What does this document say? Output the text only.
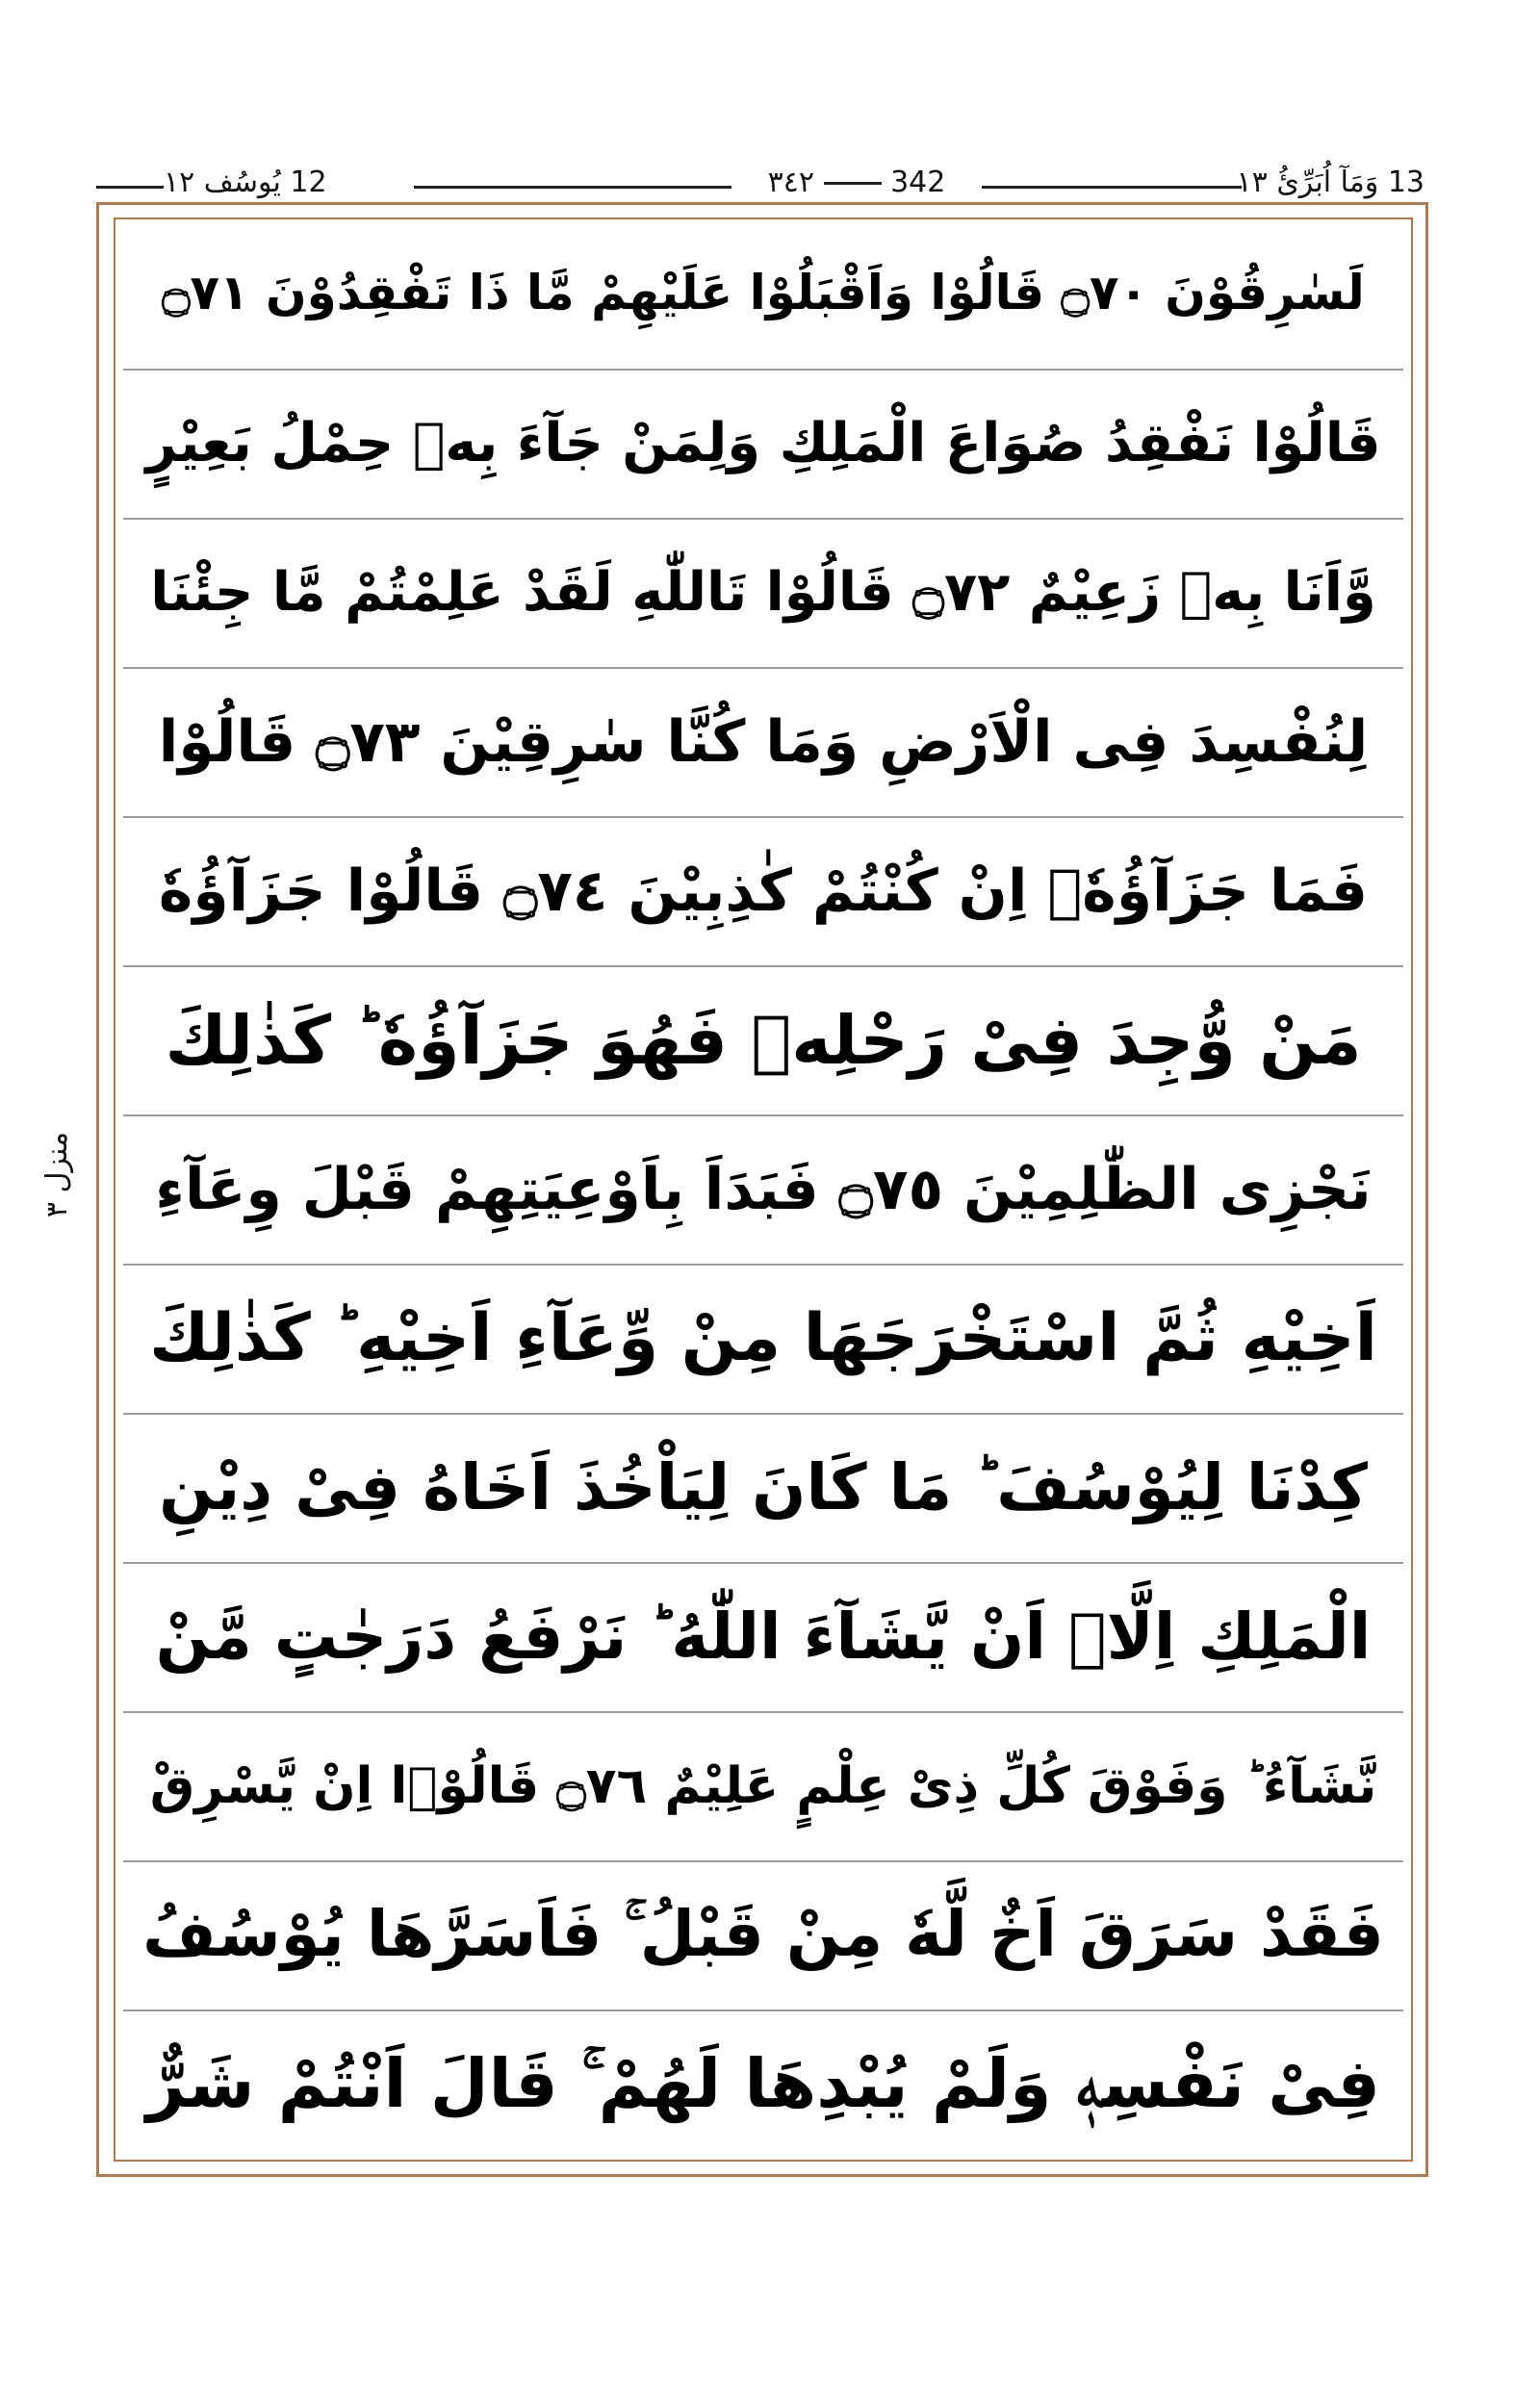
12 یُوسُف ١٢	٣٤٢	342	13 وَمَآ اُبَرِّئُ ١٣
منزل ٣
لَسٰرِقُوْنَ ۝٧٠ قَالُوْا وَاَقْبَلُوْا عَلَیْهِمْ مَّا ذَا تَفْقِدُوْنَ ۝٧١
قَالُوْا نَفْقِدُ صُوَاعَ الْمَلِكِ وَلِمَنْ جَآءَ بِهٖ حِمْلُ بَعِیْرٍ
وَّاَنَا بِهٖ زَعِیْمٌ ۝٧٢ قَالُوْا تَاللّٰهِ لَقَدْ عَلِمْتُمْ مَّا جِئْنَا
لِنُفْسِدَ فِی الْاَرْضِ وَمَا كُنَّا سٰرِقِیْنَ ۝٧٣ قَالُوْا
فَمَا جَزَآؤُهٗۤ اِنْ كُنْتُمْ كٰذِبِیْنَ ۝٧٤ قَالُوْا جَزَآؤُهٗ
مَنْ وُّجِدَ فِیْ رَحْلِهٖ فَهُوَ جَزَآؤُهٗ ؕ كَذٰلِكَ
نَجْزِی الظّٰلِمِیْنَ ۝٧٥ فَبَدَاَ بِاَوْعِیَتِهِمْ قَبْلَ وِعَآءِ
اَخِیْهِ ثُمَّ اسْتَخْرَجَهَا مِنْ وِّعَآءِ اَخِیْهِ ؕ كَذٰلِكَ
كِدْنَا لِیُوْسُفَ ؕ مَا كَانَ لِیَاْخُذَ اَخَاهُ فِیْ دِیْنِ
الْمَلِكِ اِلَّاۤ اَنْ یَّشَآءَ اللّٰهُ ؕ نَرْفَعُ دَرَجٰتٍ مَّنْ
نَّشَآءُ ؕ وَفَوْقَ كُلِّ ذِیْ عِلْمٍ عَلِیْمٌ ۝٧٦ قَالُوْۤا اِنْ یَّسْرِقْ
فَقَدْ سَرَقَ اَخٌ لَّهٗ مِنْ قَبْلُ ۚ فَاَسَرَّهَا یُوْسُفُ
فِیْ نَفْسِهٖ وَلَمْ یُبْدِهَا لَهُمْ ۚ قَالَ اَنْتُمْ شَرٌّ
